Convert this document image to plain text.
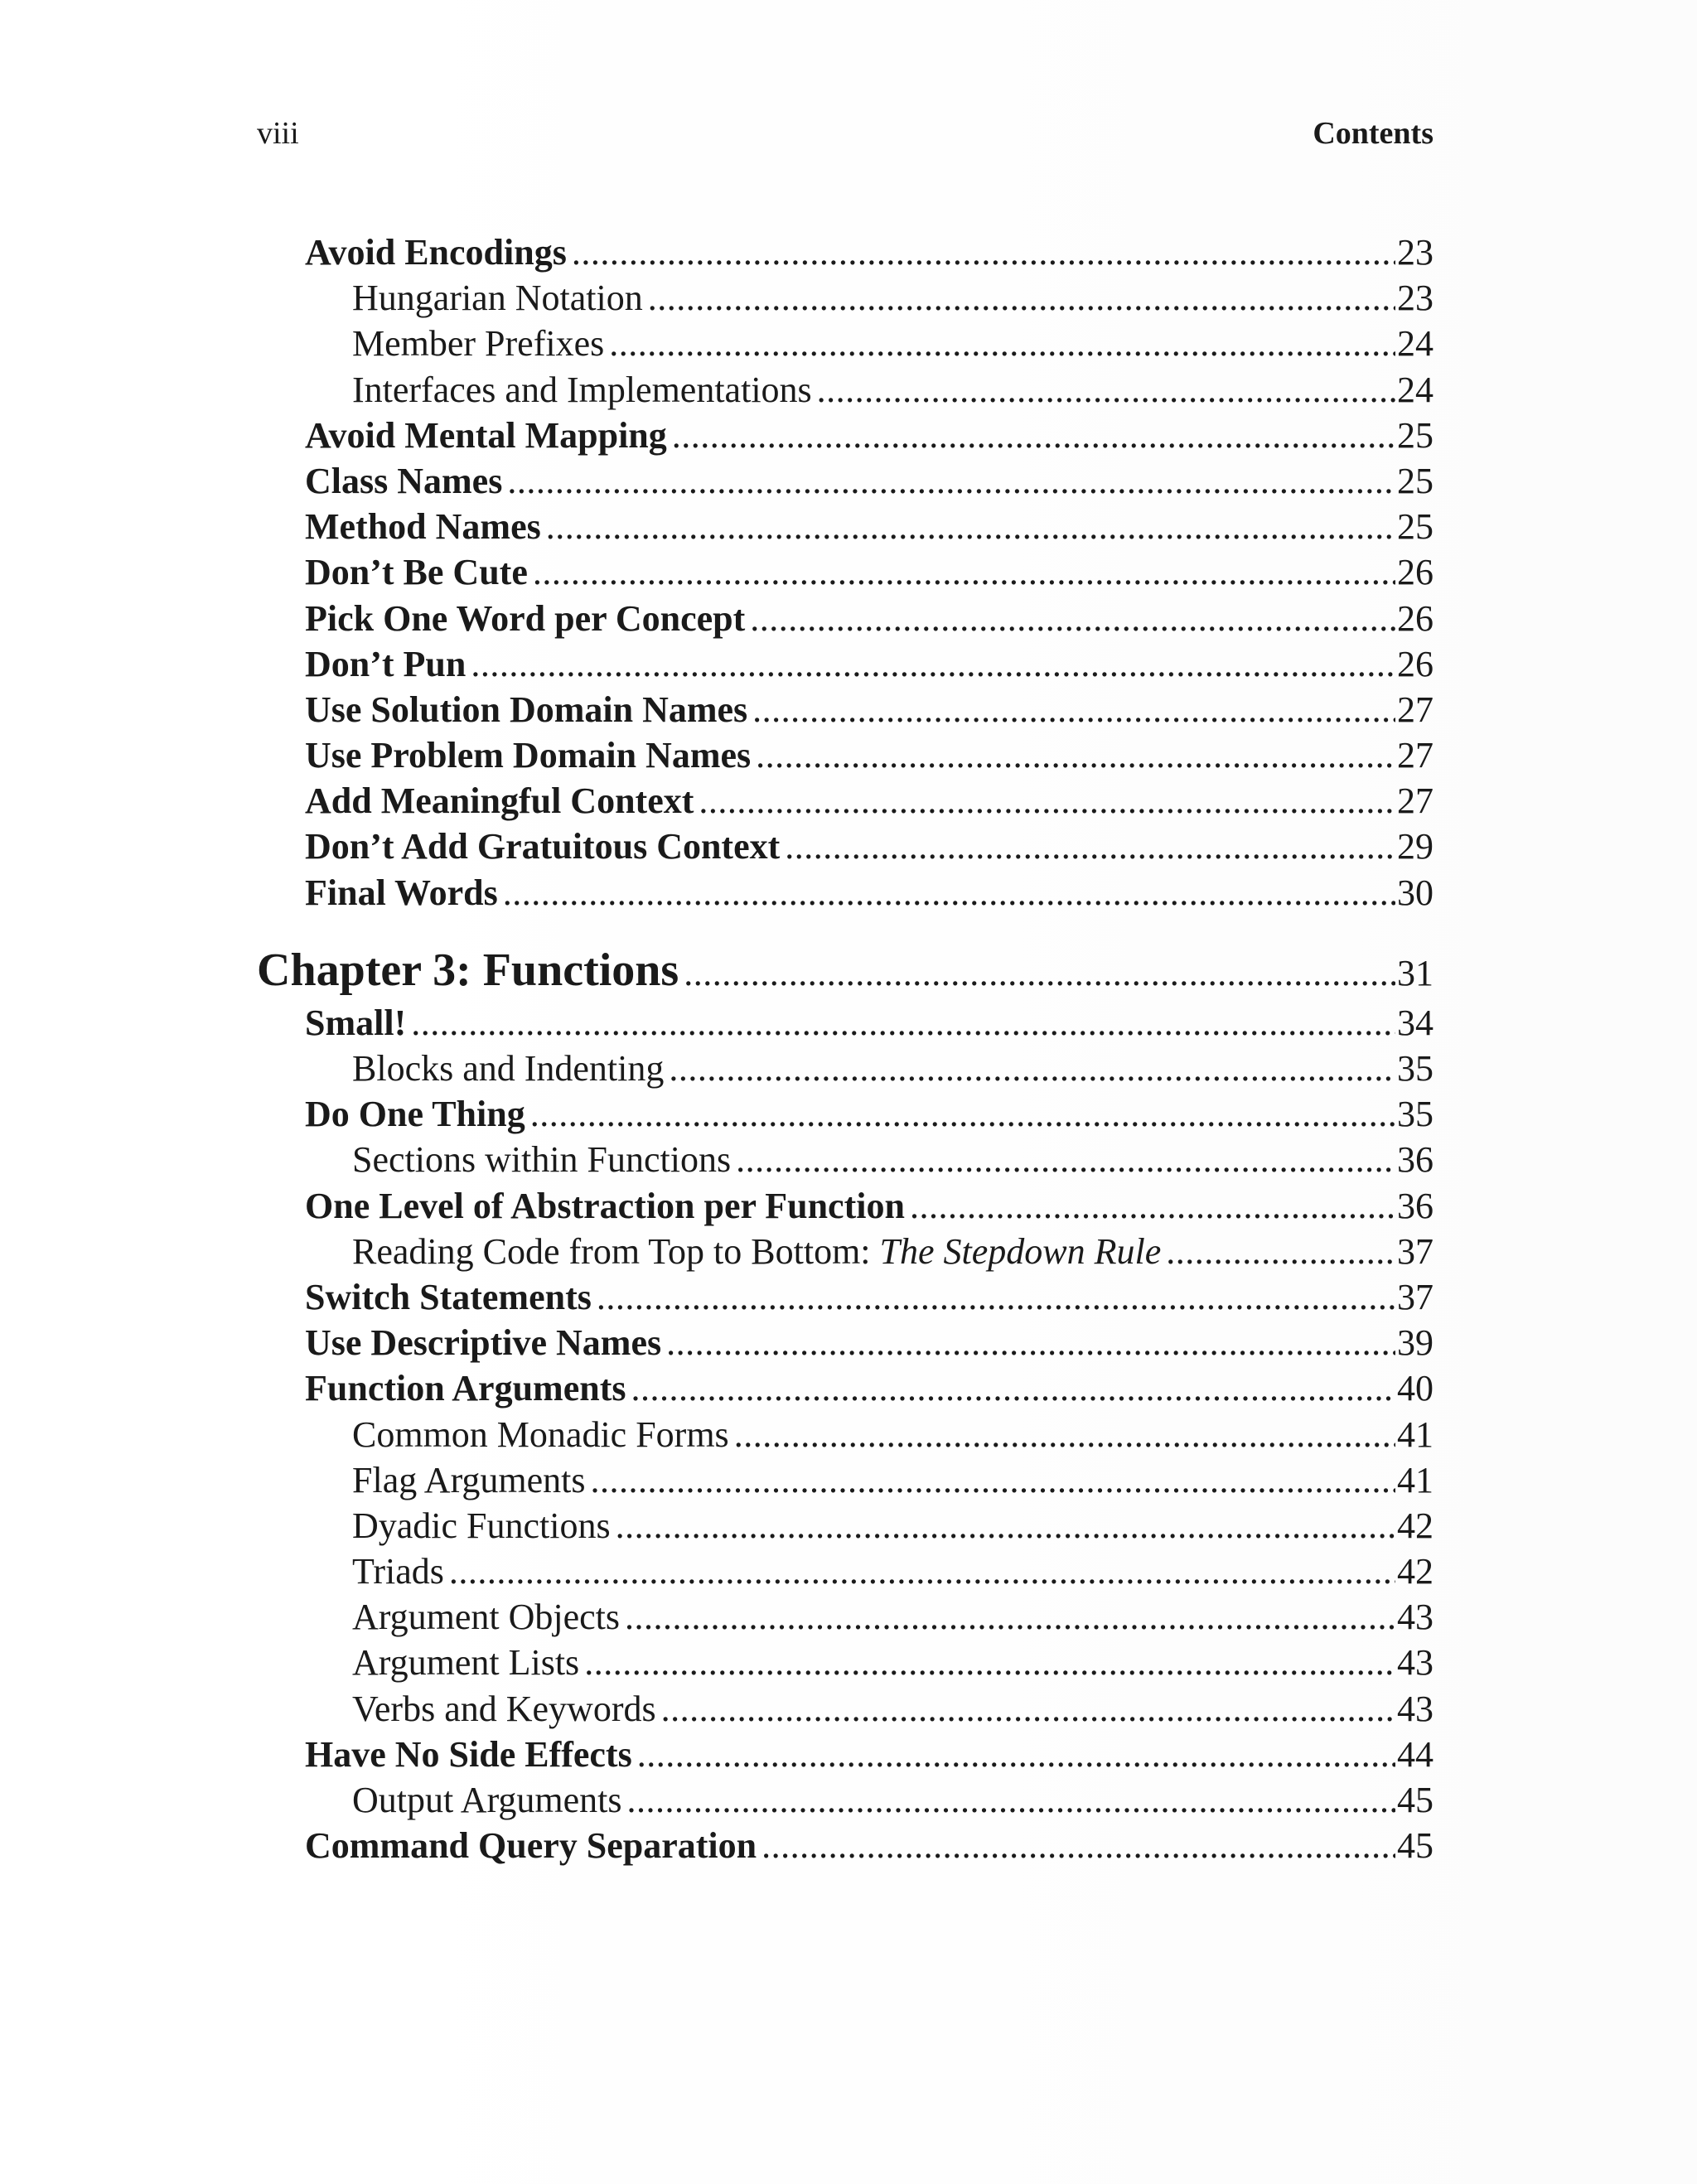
viii	Contents
Avoid Encodings .....	23
Hungarian Notation .....	23
Member Prefixes .....	24
Interfaces and Implementations .....	24
Avoid Mental Mapping .....	25
Class Names .....	25
Method Names .....	25
Don’t Be Cute .....	26
Pick One Word per Concept .....	26
Don’t Pun .....	26
Use Solution Domain Names .....	27
Use Problem Domain Names .....	27
Add Meaningful Context .....	27
Don’t Add Gratuitous Context .....	29
Final Words .....	30
Chapter 3: Functions .....	31
Small! .....	34
Blocks and Indenting .....	35
Do One Thing .....	35
Sections within Functions .....	36
One Level of Abstraction per Function .....	36
Reading Code from Top to Bottom: The Stepdown Rule .....	37
Switch Statements .....	37
Use Descriptive Names .....	39
Function Arguments .....	40
Common Monadic Forms .....	41
Flag Arguments .....	41
Dyadic Functions .....	42
Triads .....	42
Argument Objects .....	43
Argument Lists .....	43
Verbs and Keywords .....	43
Have No Side Effects .....	44
Output Arguments .....	45
Command Query Separation .....	45
